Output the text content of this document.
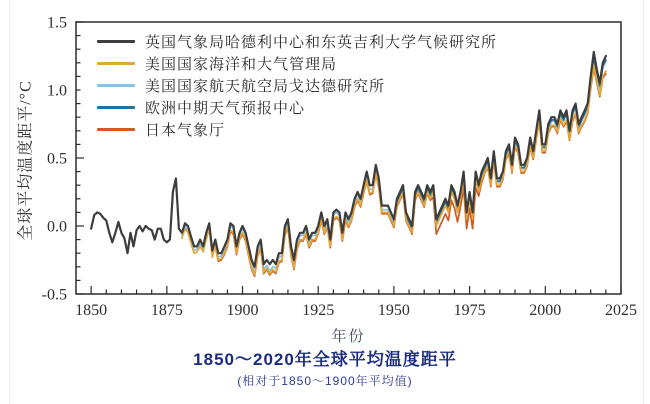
1850	1875	1900	1925	1950	1975	2000	2025
-0.5
0.0
0.5
1.0
1.5
英国气象局哈德利中心和东英吉利大学气候研究所
美国国家海洋和大气管理局
美国国家航天航空局戈达德研究所
欧洲中期天气预报中心
日本气象厅
全球平均温度距平/°C
年份
1850～2020年全球平均温度距平
(相对于1850～1900年平均值)
